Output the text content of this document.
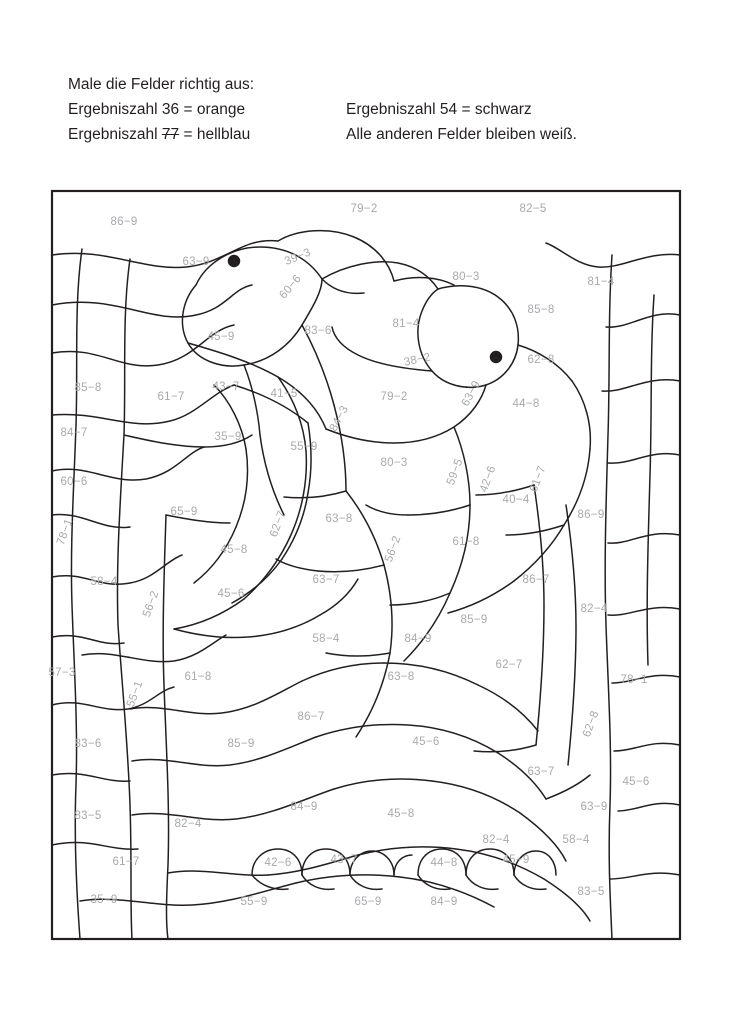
Male die Felder richtig aus:
Ergebniszahl 36 = orange	Ergebniszahl 54 = schwarz
Ergebniszahl 77 = hellblau	Alle anderen Felder bleiben weiß.
86−9
79−2	82−5
63−9	39−3
60−6	80−3	81−4
85−8
45−9	83−6
81−4
38−2	62−8
85−8
61−7
43−7
41−5	79−2	63−9	44−8
84−3
84−7	35−9
55−9
80−3	59−5 42−6	61−7
60−6
40−4
65−9	62−7	63−8	86−9
78−1
45−8	56−2	61−8
58−4	63−7	86−7
56−2	45−6
82−4
85−9
58−4	84−9
57−3	61−8	63−8
62−7
78−1
55−1
86−7	62−8
83−6	85−9	45−6
63−7
45−6
84−9
45−8
63−9
83−5
82−4
82−4	58−4
61−7	42−6	43−7	44−8	45−9
35−9	55−9	65−9	84−9
83−5
